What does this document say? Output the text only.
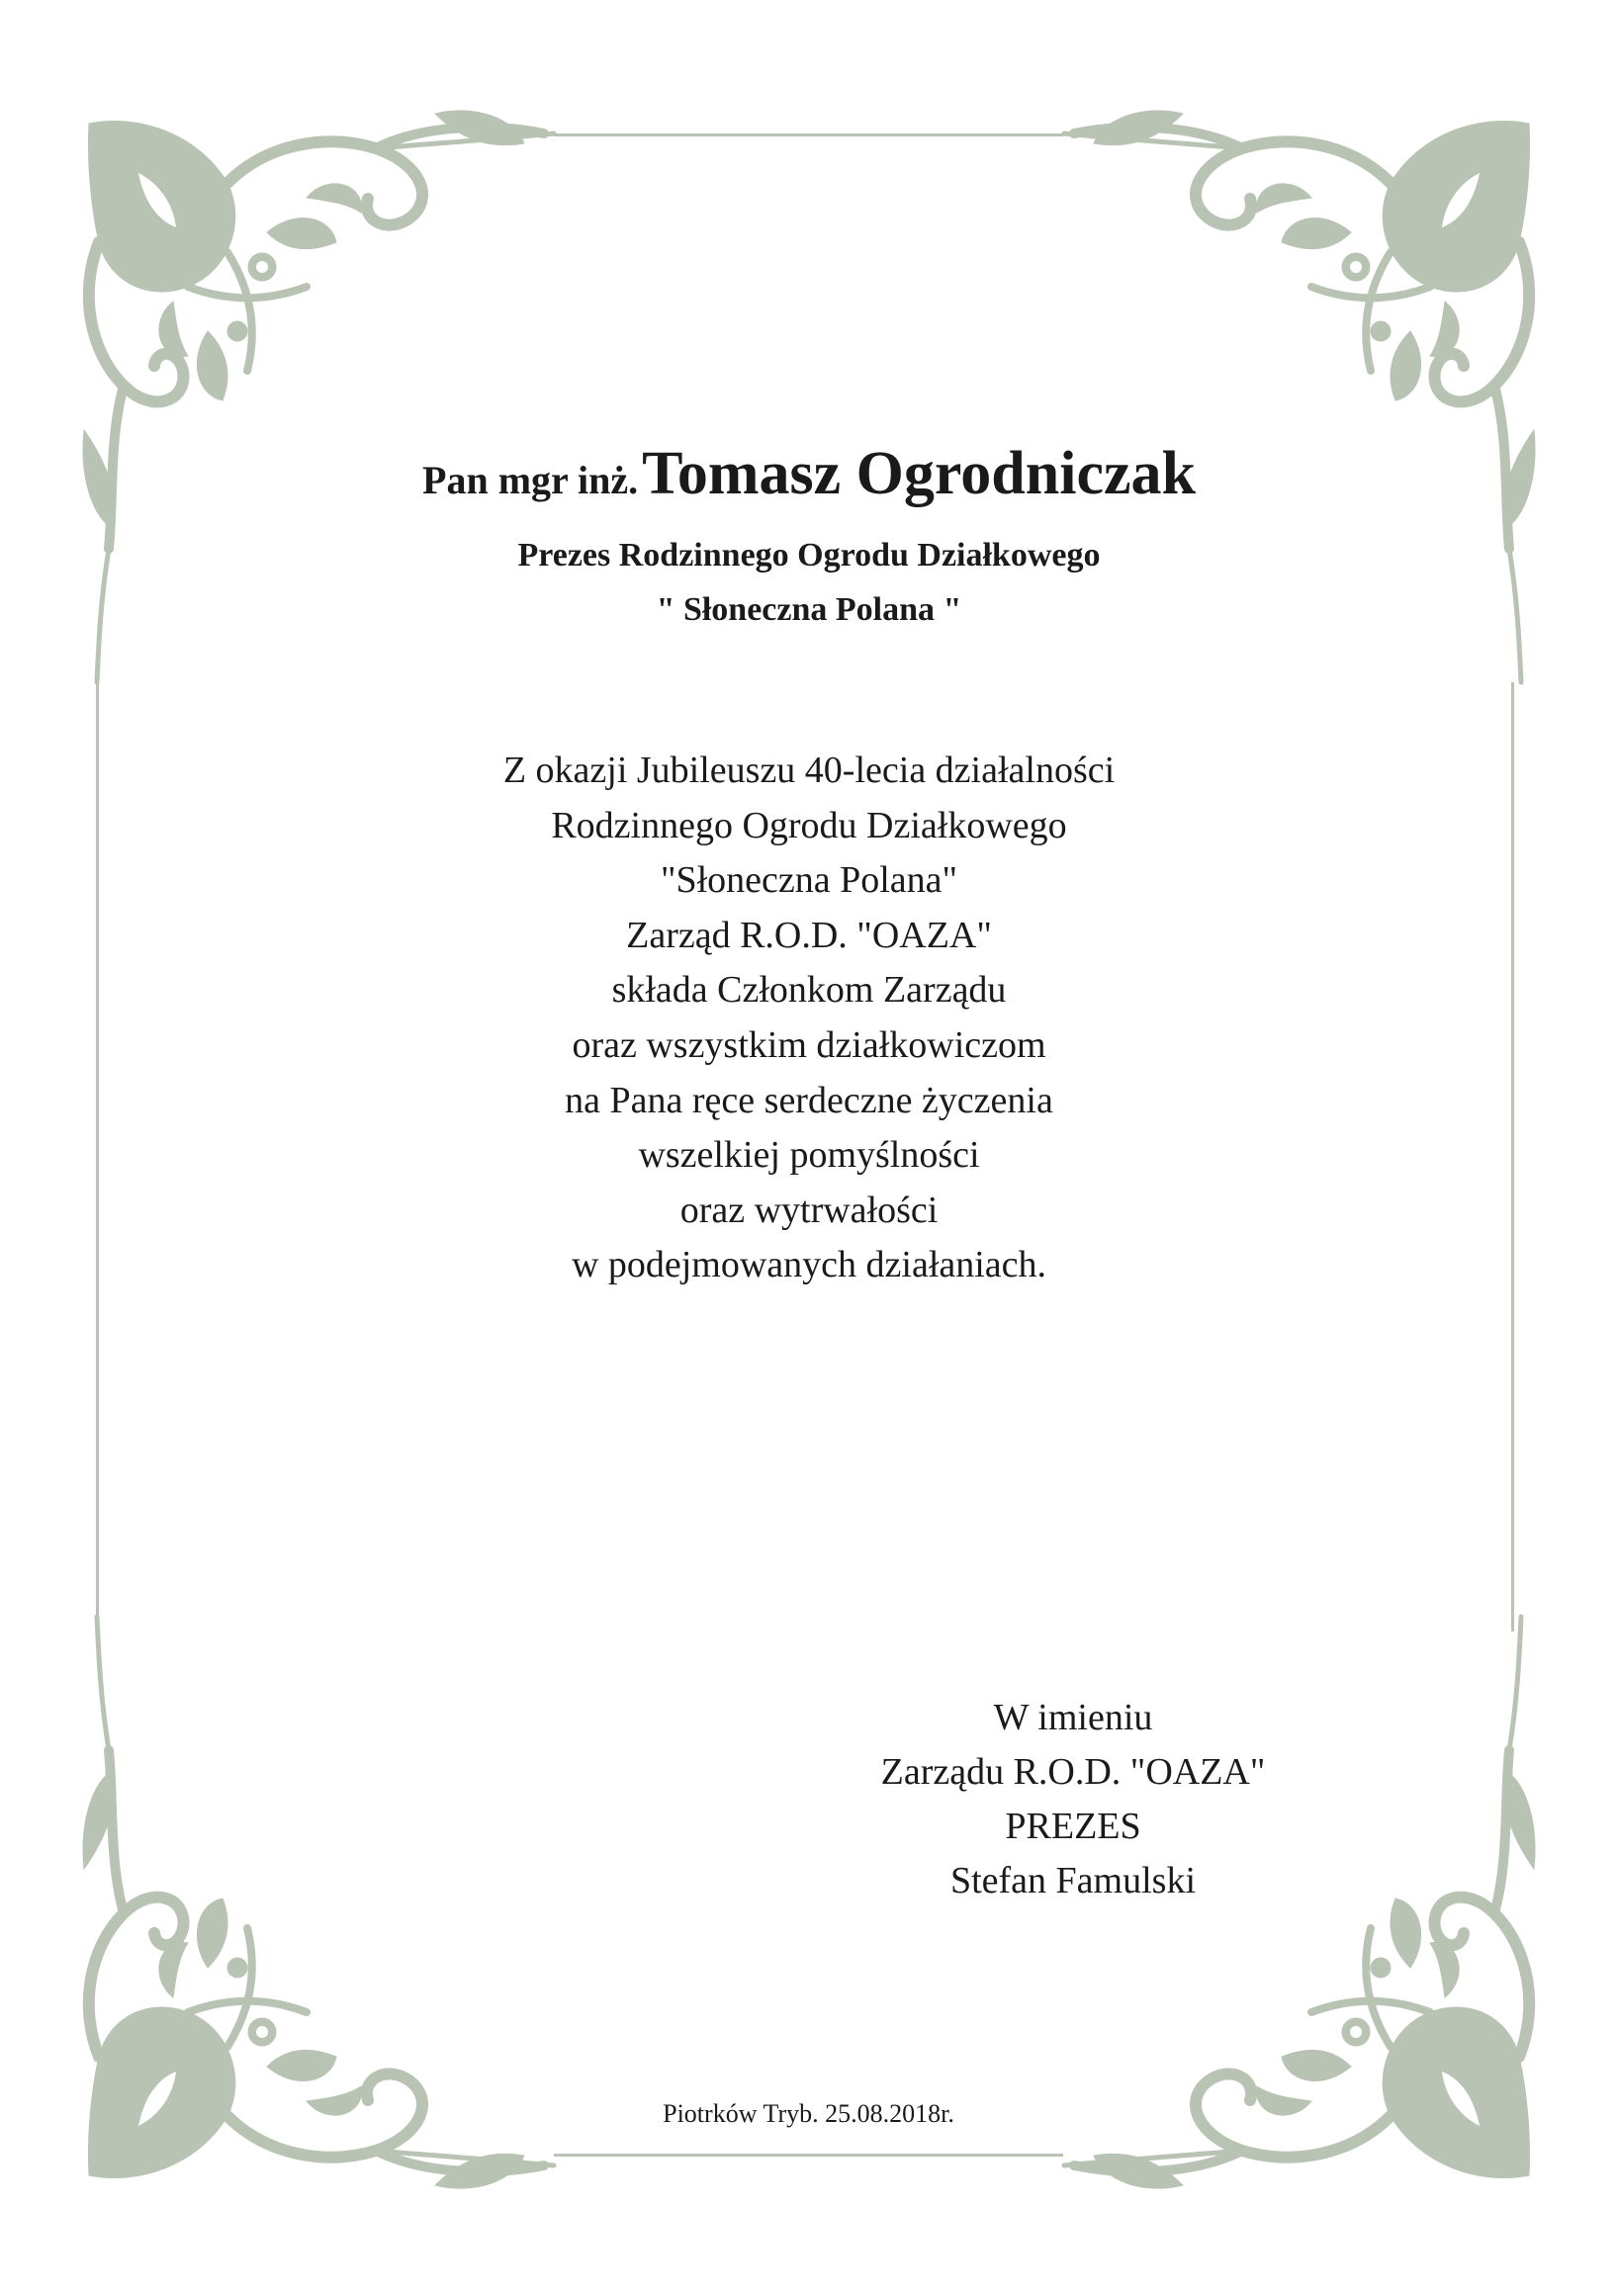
Pan mgr inż. Tomasz Ogrodniczak
Prezes Rodzinnego Ogrodu Działkowego
" Słoneczna Polana "
Z okazji Jubileuszu 40-lecia działalności
Rodzinnego Ogrodu Działkowego
"Słoneczna Polana"
Zarząd R.O.D. "OAZA"
składa Członkom Zarządu
oraz wszystkim działkowiczom
na Pana ręce serdeczne życzenia
wszelkiej pomyślności
oraz wytrwałości
w podejmowanych działaniach.
W imieniu
Zarządu R.O.D. "OAZA"
PREZES
Stefan Famulski
Piotrków Tryb. 25.08.2018r.
